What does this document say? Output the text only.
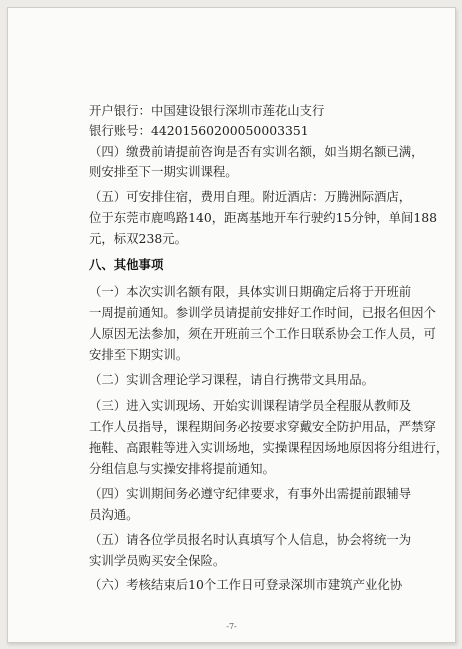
开户银行：中国建设银行深圳市莲花山支行
银行账号：44201560200050003351
（四）缴费前请提前咨询是否有实训名额，如当期名额已满，
则安排至下一期实训课程。
（五）可安排住宿，费用自理。附近酒店：万腾洲际酒店，
位于东莞市鹿鸣路140，距离基地开车行驶约15分钟，单间188
元，标双238元。
八、其他事项
（一）本次实训名额有限，具体实训日期确定后将于开班前
一周提前通知。参训学员请提前安排好工作时间，已报名但因个
人原因无法参加，须在开班前三个工作日联系协会工作人员，可
安排至下期实训。
（二）实训含理论学习课程，请自行携带文具用品。
（三）进入实训现场、开始实训课程请学员全程服从教师及
工作人员指导，课程期间务必按要求穿戴安全防护用品，严禁穿
拖鞋、高跟鞋等进入实训场地，实操课程因场地原因将分组进行，
分组信息与实操安排将提前通知。
（四）实训期间务必遵守纪律要求，有事外出需提前跟辅导
员沟通。
（五）请各位学员报名时认真填写个人信息，协会将统一为
实训学员购买安全保险。
（六）考核结束后10个工作日可登录深圳市建筑产业化协
-7-
